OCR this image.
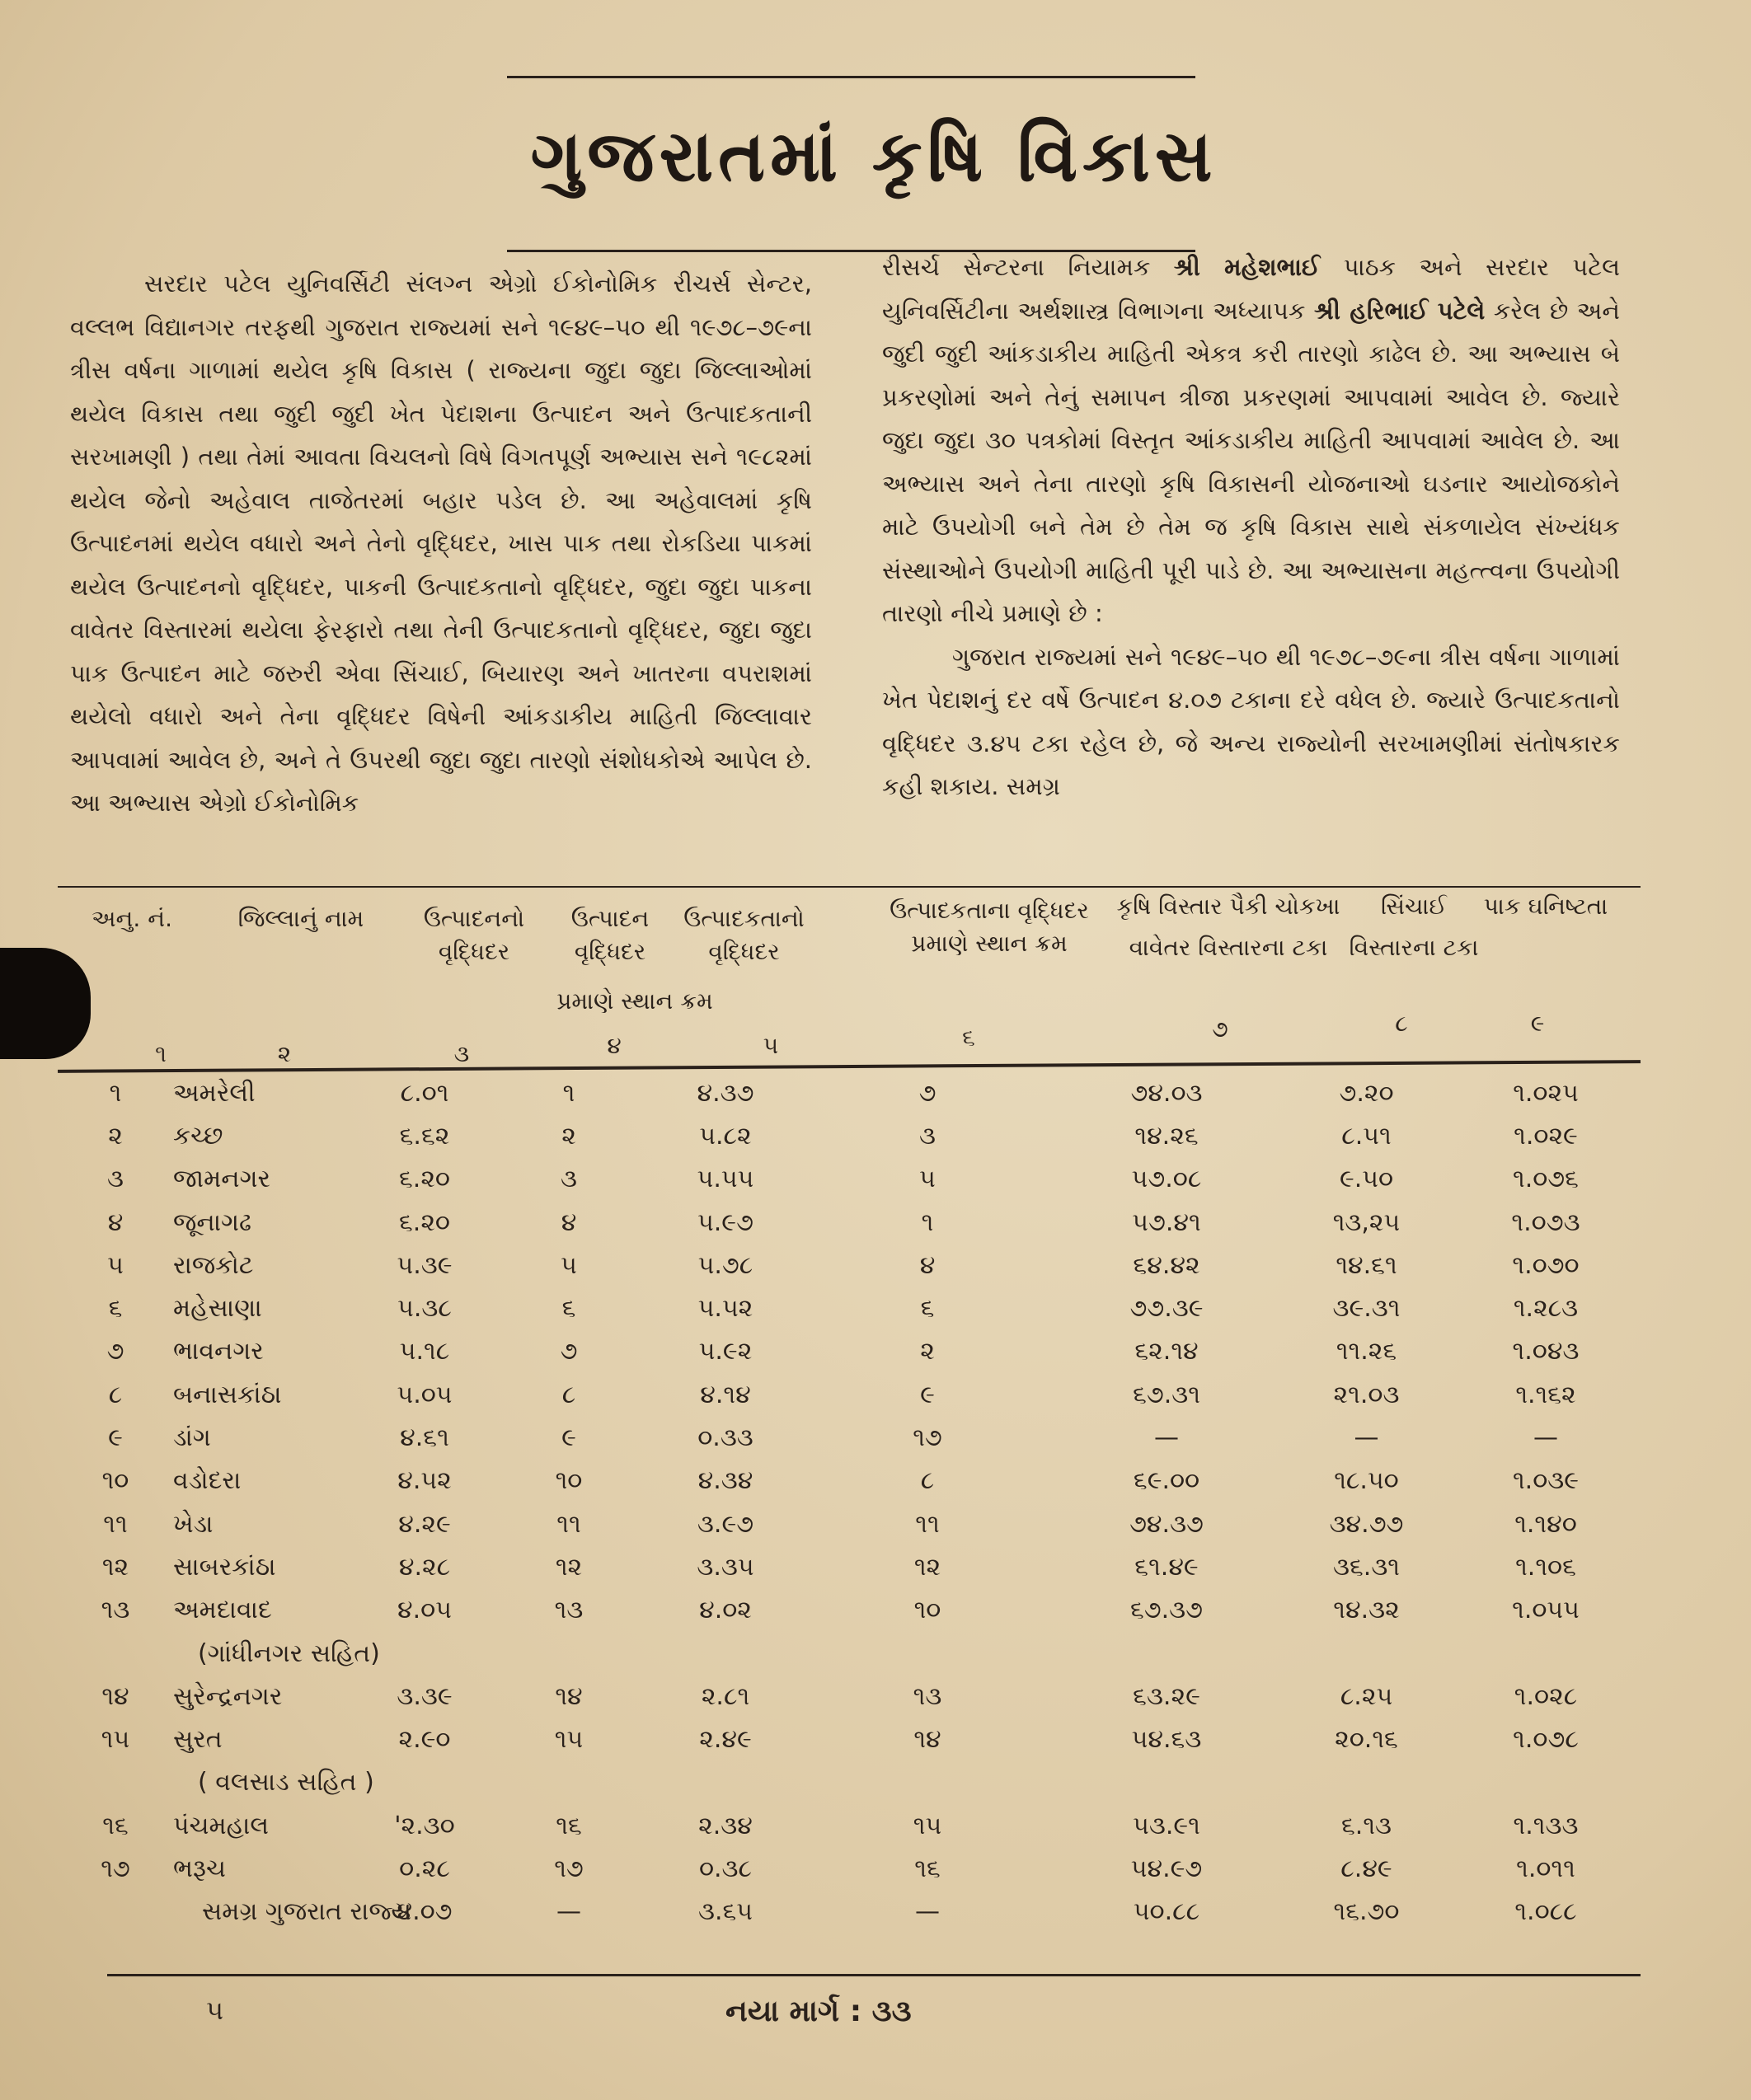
ગુજરાતમાં કૃષિ વિકાસ

સરદાર પટેલ યુનિવર્સિટી સંલગ્ન એગ્રો ઈકોનોમિક રીચર્સ સેન્ટર, વલ્લભ વિદ્યાનગર તરફથી ગુજરાત રાજ્યમાં સને ૧૯૪૯–૫૦ થી ૧૯૭૮–૭૯ના ત્રીસ વર્ષના ગાળામાં થયેલ કૃષિ વિકાસ ( રાજ્યના જુદા જુદા જિલ્લાઓમાં થયેલ વિકાસ તથા જુદી જુદી ખેત પેદાશના ઉત્પાદન અને ઉત્પાદકતાની સરખામણી ) તથા તેમાં આવતા વિચલનો વિષે વિગતપૂર્ણ અભ્યાસ સને ૧૯૮૨માં થયેલ જેનો અહેવાલ તાજેતરમાં બહાર પડેલ છે. આ અહેવાલમાં કૃષિ ઉત્પાદનમાં થયેલ વધારો અને તેનો વૃદ્ધિદર, ખાસ પાક તથા રોકડિયા પાકમાં થયેલ ઉત્પાદનનો વૃદ્ધિદર, પાકની ઉત્પાદકતાનો વૃદ્ધિદર, જુદા જુદા પાકના વાવેતર વિસ્તારમાં થયેલા ફેરફારો તથા તેની ઉત્પાદકતાનો વૃદ્ધિદર, જુદા જુદા પાક ઉત્પાદન માટે જરુરી એવા સિંચાઈ, બિયારણ અને ખાતરના વપરાશમાં થયેલો વધારો અને તેના વૃદ્ધિદર વિષેની આંકડાકીય માહિતી જિલ્લાવાર આપવામાં આવેલ છે, અને તે ઉપરથી જુદા જુદા તારણો સંશોધકોએ આપેલ છે. આ અભ્યાસ એગ્રો ઈકોનોમિક

રીસર્ચ સેન્ટરના નિયામક શ્રી મહેશભાઈ પાઠક અને સરદાર પટેલ યુનિવર્સિટીના અર્થશાસ્ત્ર વિભાગના અધ્યાપક શ્રી હરિભાઈ પટેલે કરેલ છે અને જુદી જુદી આંકડાકીય માહિતી એકત્ર કરી તારણો કાઢેલ છે. આ અભ્યાસ બે પ્રકરણોમાં અને તેનું સમાપન ત્રીજા પ્રકરણમાં આપવામાં આવેલ છે. જ્યારે જુદા જુદા ૩૦ પત્રકોમાં વિસ્તૃત આંકડાકીય માહિતી આપવામાં આવેલ છે. આ અભ્યાસ અને તેના તારણો કૃષિ વિકાસની યોજનાઓ ઘડનાર આયોજકોને માટે ઉપયોગી બને તેમ છે તેમ જ કૃષિ વિકાસ સાથે સંકળાયેલ સંખ્યંધક સંસ્થાઓને ઉપયોગી માહિતી પૂરી પાડે છે. આ અભ્યાસના મહત્ત્વના ઉપયોગી તારણો નીચે પ્રમાણે છે :

ગુજરાત રાજ્યમાં સને ૧૯૪૯–૫૦ થી ૧૯૭૮–૭૯ના ત્રીસ વર્ષના ગાળામાં ખેત પેદાશનું દર વર્ષે ઉત્પાદન ૪.૦૭ ટકાના દરે વધેલ છે. જ્યારે ઉત્પાદકતાનો વૃદ્ધિદર ૩.૪૫ ટકા રહેલ છે, જે અન્ય રાજ્યોની સરખામણીમાં સંતોષકારક કહી શકાય. સમગ્ર

અનુ. નં.	જિલ્લાનું નામ	ઉત્પાદનનો વૃદ્ધિદર
ઉત્પાદન વૃદ્ધિદર
ઉત્પાદકતાનો વૃદ્ધિદર
પ્રમાણે સ્થાન ક્રમ
ઉત્પાદકતાના વૃદ્ધિદર પ્રમાણે સ્થાન ક્રમ
કૃષિ વિસ્તાર પૈકી ચોકખા વાવેતર વિસ્તારના ટકા
સિંચાઈ વિસ્તારના ટકા
પાક ઘનિષ્ટતા
૧	૨	૩	૪	૫	૬	૭	૮	૯
૧	અમરેલી	૮.૦૧	૧	૪.૩૭	૭	૭૪.૦૩	૭.૨૦	૧.૦૨૫
૨	કચ્છ	૬.૬૨	૨	૫.૮૨	૩	૧૪.૨૬	૮.૫૧	૧.૦૨૯
૩	જામનગર	૬.૨૦	૩	૫.૫૫	૫	૫૭.૦૮	૯.૫૦	૧.૦૭૬
૪	જૂનાગઢ	૬.૨૦	૪	૫.૯૭	૧	૫૭.૪૧	૧૩,૨૫	૧.૦૭૩
૫	રાજકોટ	૫.૩૯	૫	૫.૭૮	૪	૬૪.૪૨	૧૪.૬૧	૧.૦૭૦
૬	મહેસાણા	૫.૩૮	૬	૫.૫૨	૬	૭૭.૩૯	૩૯.૩૧	૧.૨૮૩
૭	ભાવનગર	૫.૧૮	૭	૫.૯૨	૨	૬૨.૧૪	૧૧.૨૬	૧.૦૪૩
૮	બનાસકાંઠા	૫.૦૫	૮	૪.૧૪	૯	૬૭.૩૧	૨૧.૦૩	૧.૧૬૨
૯	ડાંગ	૪.૬૧	૯	૦.૩૩	૧૭	—	—	—
૧૦	વડોદરા	૪.૫૨	૧૦	૪.૩૪	૮	૬૯.૦૦	૧૮.૫૦	૧.૦૩૯
૧૧	ખેડા	૪.૨૯	૧૧	૩.૯૭	૧૧	૭૪.૩૭	૩૪.૭૭	૧.૧૪૦
૧૨	સાબરકાંઠા	૪.૨૮	૧૨	૩.૩૫	૧૨	૬૧.૪૯	૩૬.૩૧	૧.૧૦૬
૧૩	અમદાવાદ	૪.૦૫	૧૩	૪.૦૨	૧૦	૬૭.૩૭	૧૪.૩૨	૧.૦૫૫
	(ગાંધીનગર સહિત)							
૧૪	સુરેન્દ્રનગર	૩.૩૯	૧૪	૨.૮૧	૧૩	૬૩.૨૯	૮.૨૫	૧.૦૨૮
૧૫	સુરત	૨.૯૦	૧૫	૨.૪૯	૧૪	૫૪.૬૩	૨૦.૧૬	૧.૦૭૮
	( વલસાડ સહિત )							
૧૬	પંચમહાલ	'૨.૩૦	૧૬	૨.૩૪	૧૫	૫૩.૯૧	૬.૧૩	૧.૧૩૩
૧૭	ભરૂચ	૦.૨૮	૧૭	૦.૩૮	૧૬	૫૪.૯૭	૮.૪૯	૧.૦૧૧
સમગ્ર ગુજરાત રાજ્ય		૪.૦૭	—	૩.૬૫	—	૫૦.૮૮	૧૬.૭૦	૧.૦૮૮
૫	નયા માર્ગ : ૩૩
